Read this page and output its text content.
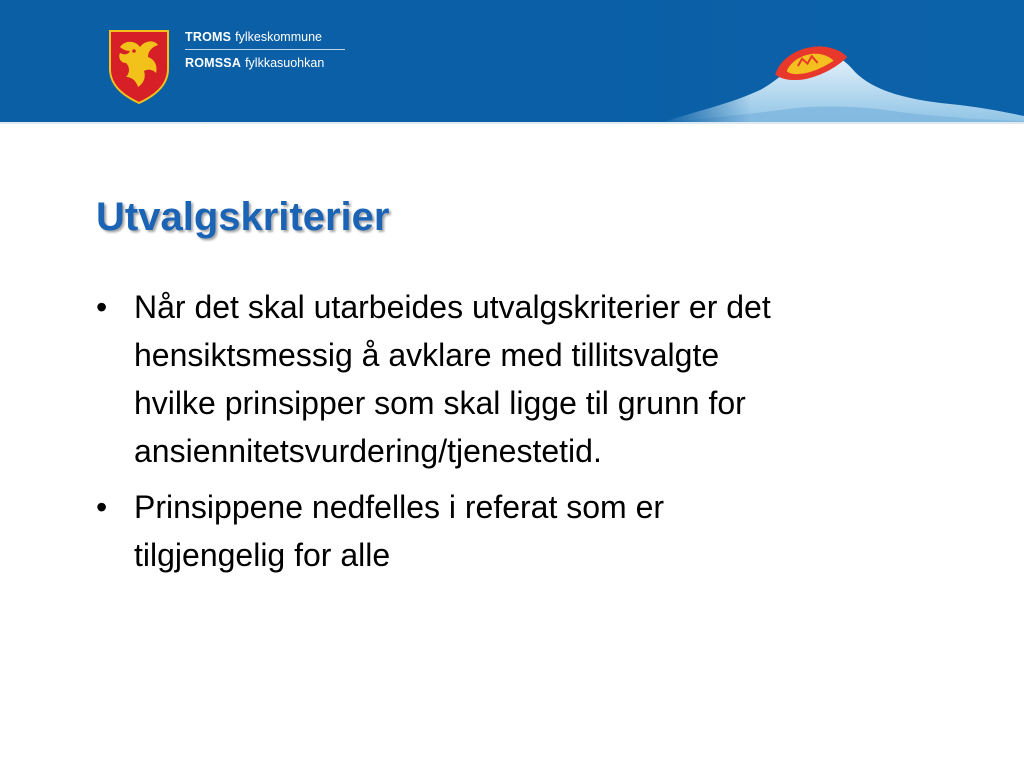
TROMS fylkeskommune
ROMSSA fylkkasuohkan
Utvalgskriterier
• Når det skal utarbeides utvalgskriterier er det
hensiktsmessig å avklare med tillitsvalgte
hvilke prinsipper som skal ligge til grunn for
ansiennitetsvurdering/tjenestetid.
• Prinsippene nedfelles i referat som er
tilgjengelig for alle
